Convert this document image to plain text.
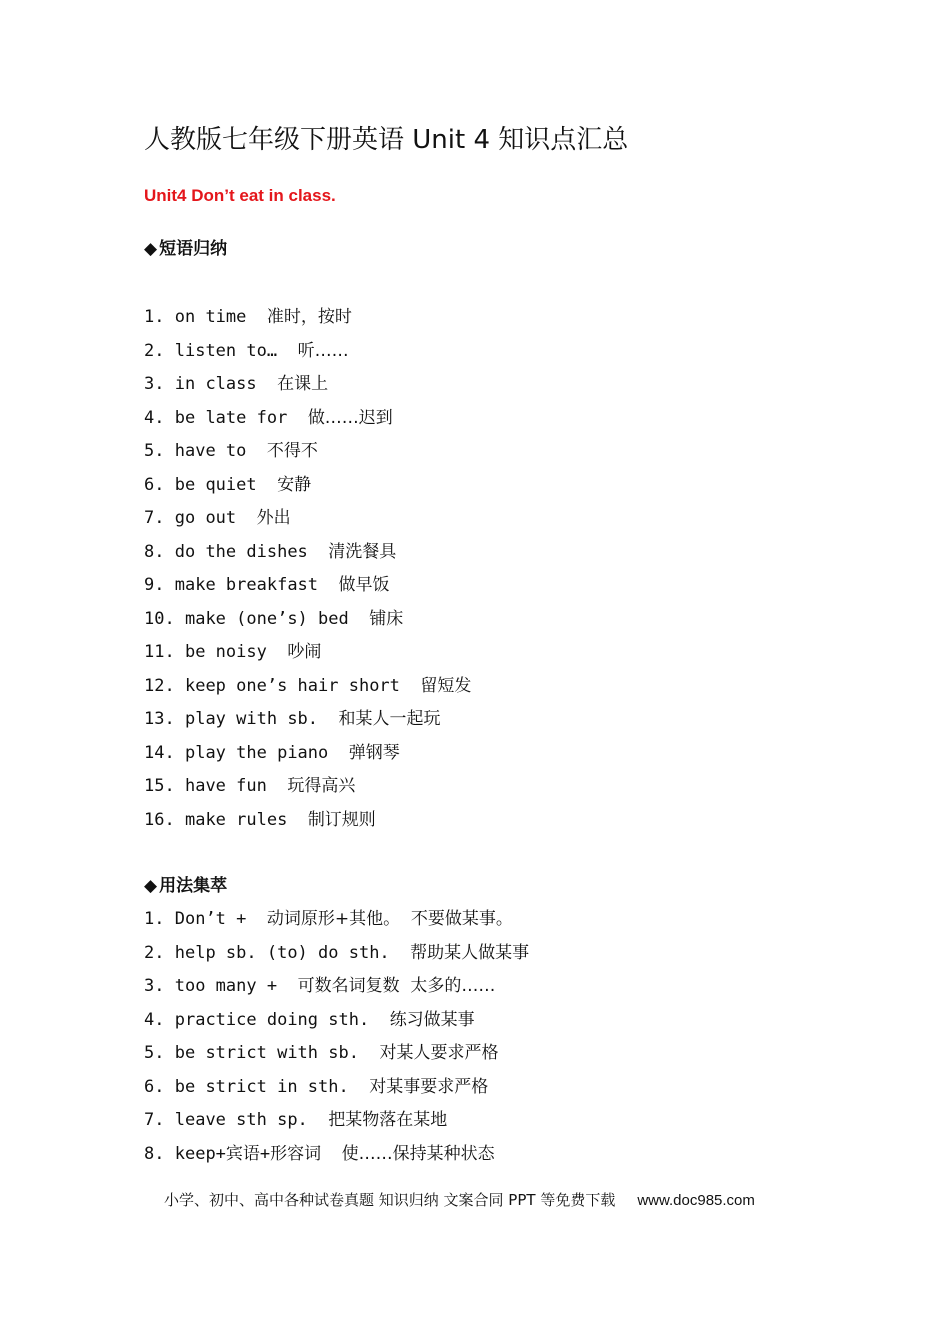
人教版七年级下册英语 Unit 4 知识点汇总
Unit4 Don’t eat in class.
◆ 短语归纳
1. on time 准时，按时
2. listen to… 听……
3. in class 在课上
4. be late for 做……迟到
5. have to 不得不
6. be quiet 安静
7. go out 外出
8. do the dishes 清洗餐具
9. make breakfast 做早饭
10. make (one’s) bed 铺床
11. be noisy 吵闹
12. keep one’s hair short 留短发
13. play with sb. 和某人一起玩
14. play the piano 弹钢琴
15. have fun 玩得高兴
16. make rules 制订规则
◆ 用法集萃
1. Don’t + 动词原形+其他。  不要做某事。
2. help sb. (to) do sth. 帮助某人做某事
3. too many + 可数名词复数  太多的……
4. practice doing sth. 练习做某事
5. be strict with sb. 对某人要求严格
6. be strict in sth. 对某事要求严格
7. leave sth sp. 把某物落在某地
8. keep+宾语+形容词 使……保持某种状态
小学、初中、高中各种试卷真题 知识归纳 文案合同 PPT 等免费下载 www.doc985.com
